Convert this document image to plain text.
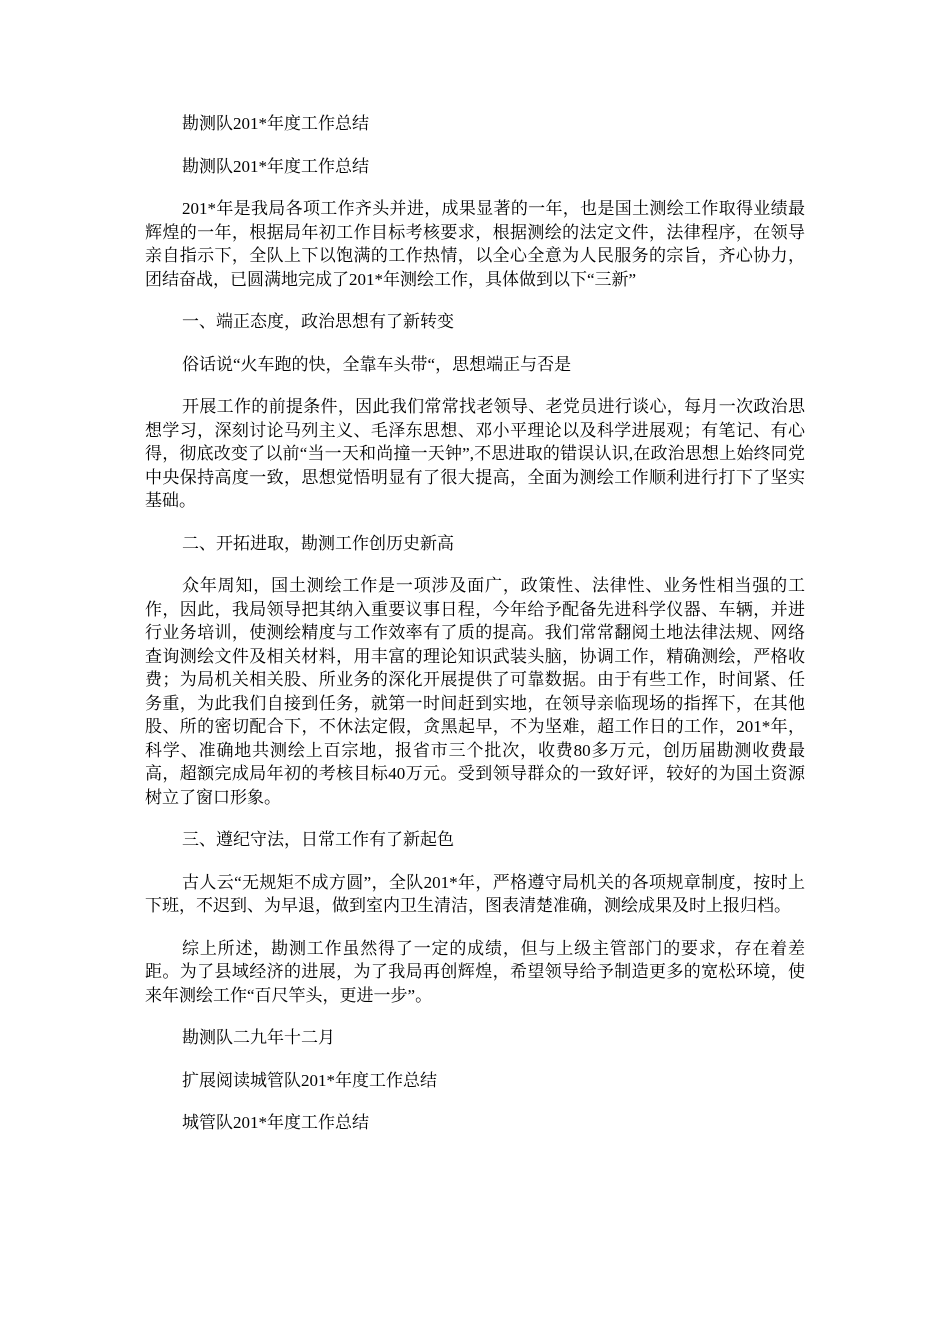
勘测队201*年度工作总结

勘测队201*年度工作总结

201*年是我局各项工作齐头并进，成果显著的一年，也是国土测绘工作取得业绩最辉煌的一年，根据局年初工作目标考核要求，根据测绘的法定文件，法律程序，在领导亲自指示下，全队上下以饱满的工作热情，以全心全意为人民服务的宗旨，齐心协力，团结奋战，已圆满地完成了201*年测绘工作，具体做到以下“三新”

一、端正态度，政治思想有了新转变

俗话说“火车跑的快，全靠车头带“，思想端正与否是

开展工作的前提条件，因此我们常常找老领导、老党员进行谈心，每月一次政治思想学习，深刻讨论马列主义、毛泽东思想、邓小平理论以及科学进展观；有笔记、有心得，彻底改变了以前“当一天和尚撞一天钟”,不思进取的错误认识,在政治思想上始终同党中央保持高度一致，思想觉悟明显有了很大提高，全面为测绘工作顺利进行打下了坚实基础。

二、开拓进取，勘测工作创历史新高

众年周知，国土测绘工作是一项涉及面广，政策性、法律性、业务性相当强的工作，因此，我局领导把其纳入重要议事日程，今年给予配备先进科学仪器、车辆，并进行业务培训，使测绘精度与工作效率有了质的提高。我们常常翻阅土地法律法规、网络查询测绘文件及相关材料，用丰富的理论知识武装头脑，协调工作，精确测绘，严格收费；为局机关相关股、所业务的深化开展提供了可靠数据。由于有些工作，时间紧、任务重，为此我们自接到任务，就第一时间赶到实地，在领导亲临现场的指挥下，在其他股、所的密切配合下，不休法定假，贪黑起早，不为坚难，超工作日的工作，201*年，科学、准确地共测绘上百宗地，报省市三个批次，收费80多万元，创历届勘测收费最高，超额完成局年初的考核目标40万元。受到领导群众的一致好评，较好的为国土资源树立了窗口形象。

三、遵纪守法，日常工作有了新起色

古人云“无规矩不成方圆”，全队201*年，严格遵守局机关的各项规章制度，按时上下班，不迟到、为早退，做到室内卫生清洁，图表清楚准确，测绘成果及时上报归档。

综上所述，勘测工作虽然得了一定的成绩，但与上级主管部门的要求，存在着差距。为了县域经济的进展，为了我局再创辉煌，希望领导给予制造更多的宽松环境，使来年测绘工作“百尺竿头，更进一步”。

勘测队二九年十二月

扩展阅读城管队201*年度工作总结

城管队201*年度工作总结
